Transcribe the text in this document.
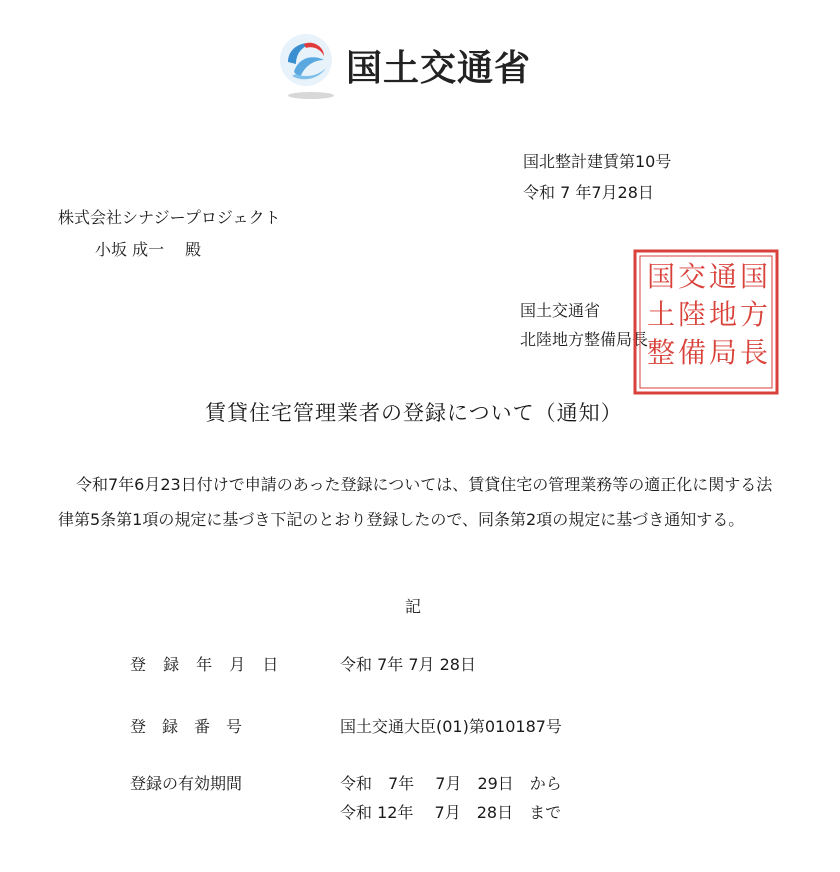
国土交通省
国北整計建賃第10号
令和 7 年7月28日
株式会社シナジープロジェクト
小坂 成一　 殿
国土交通省
北陸地方整備局長
国
方
長
通
地
局
交
陸
備
国
土
整
賃貸住宅管理業者の登録について（通知）
令和7年6月23日付けで申請のあった登録については、賃貸住宅の管理業務等の適正化に関する法律第5条第1項の規定に基づき下記のとおり登録したので、同条第2項の規定に基づき通知する。
記
登 録 年 月 日	令和 7年 7月 28日
登　録　番　号	国土交通大臣(01)第010187号
登録の有効期間	令和　7年　 7月　29日　から
令和 12年　 7月　28日　まで
